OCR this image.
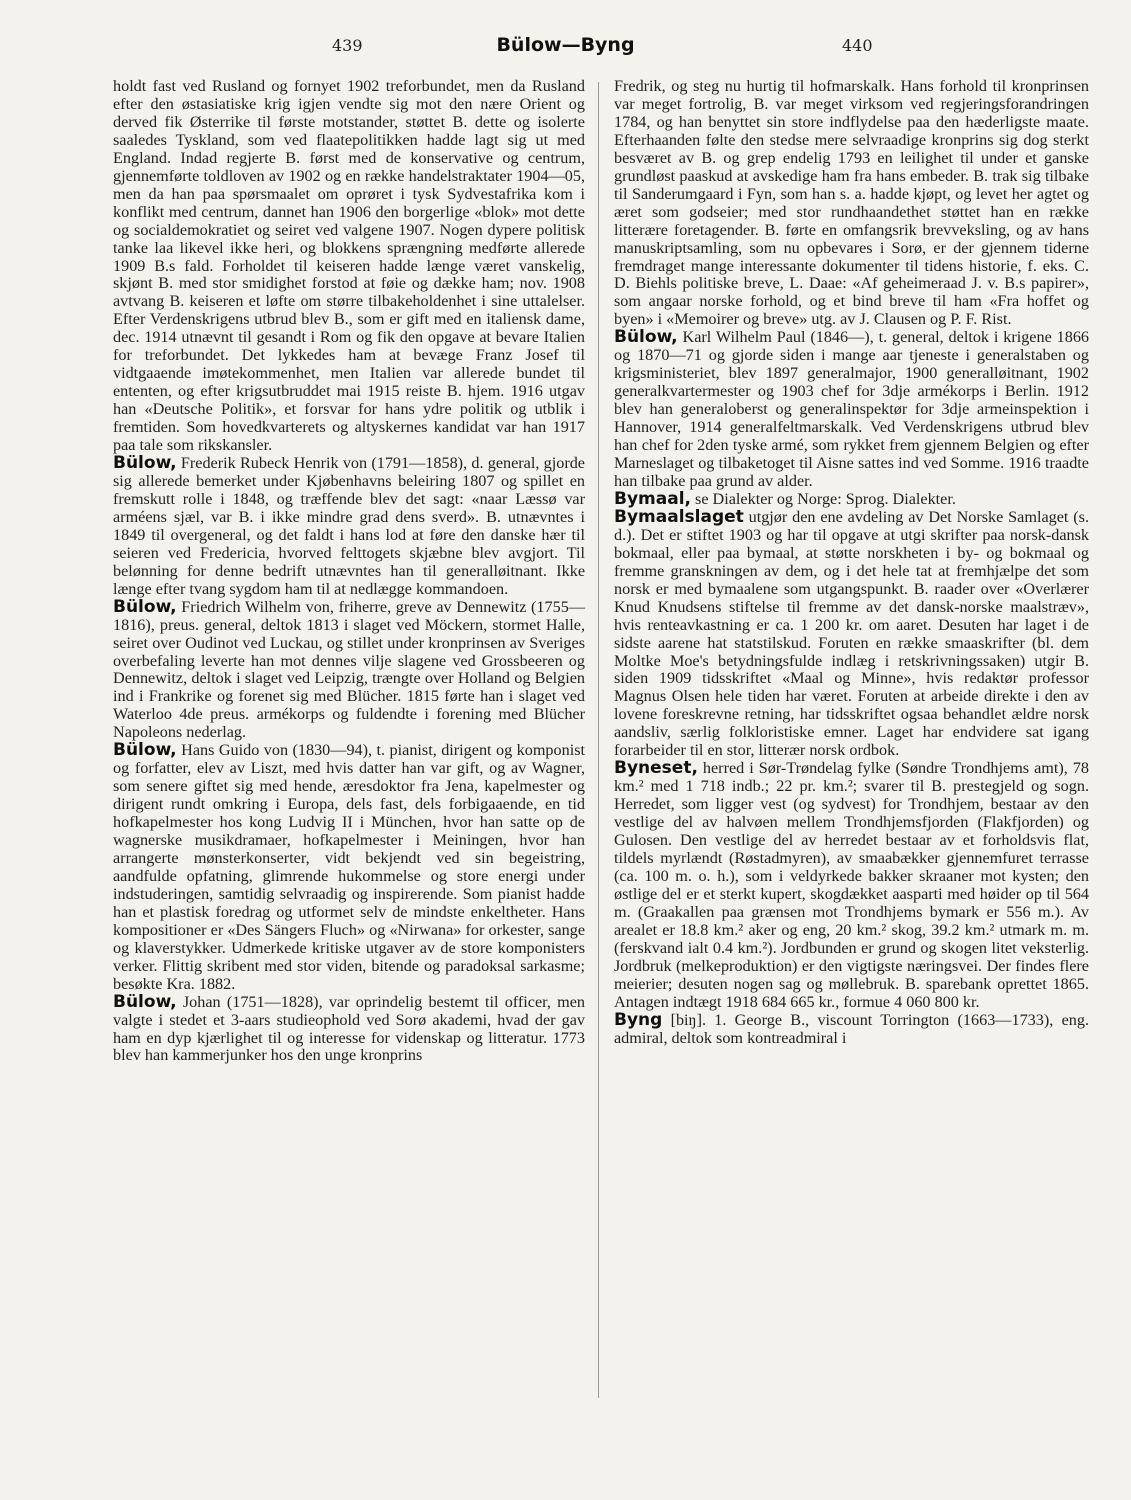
439	Bülow—Byng	440

holdt fast ved Rusland og fornyet 1902 treforbundet, men da Rusland efter den østasiatiske krig igjen vendte sig mot den nære Orient og derved fik Østerrike til første motstander, støttet B. dette og isolerte saaledes Tyskland, som ved flaatepolitikken hadde lagt sig ut med England. Indad regjerte B. først med de konservative og centrum, gjennemførte toldloven av 1902 og en række handelstraktater 1904—05, men da han paa spørsmaalet om oprøret i tysk Sydvestafrika kom i konflikt med centrum, dannet han 1906 den borgerlige «blok» mot dette og socialdemokratiet og seiret ved valgene 1907. Nogen dypere politisk tanke laa likevel ikke heri, og blokkens sprængning medførte allerede 1909 B.s fald. Forholdet til keiseren hadde længe været vanskelig, skjønt B. med stor smidighet forstod at føie og dække ham; nov. 1908 avtvang B. keiseren et løfte om større tilbakeholdenhet i sine uttalelser. Efter Verdenskrigens utbrud blev B., som er gift med en italiensk dame, dec. 1914 utnævnt til gesandt i Rom og fik den opgave at bevare Italien for treforbundet. Det lykkedes ham at bevæge Franz Josef til vidtgaaende imøtekommenhet, men Italien var allerede bundet til ententen, og efter krigsutbruddet mai 1915 reiste B. hjem. 1916 utgav han «Deutsche Politik», et forsvar for hans ydre politik og utblik i fremtiden. Som hovedkvarterets og altyskernes kandidat var han 1917 paa tale som rikskansler.

Bülow, Frederik Rubeck Henrik von (1791—1858), d. general, gjorde sig allerede bemerket under Kjøbenhavns beleiring 1807 og spillet en fremskutt rolle i 1848, og træffende blev det sagt: «naar Læssø var arméens sjæl, var B. i ikke mindre grad dens sverd». B. utnævntes i 1849 til overgeneral, og det faldt i hans lod at føre den danske hær til seieren ved Fredericia, hvorved felttogets skjæbne blev avgjort. Til belønning for denne bedrift utnævntes han til generalløitnant. Ikke længe efter tvang sygdom ham til at nedlægge kommandoen.

Bülow, Friedrich Wilhelm von, friherre, greve av Dennewitz (1755—1816), preus. general, deltok 1813 i slaget ved Möckern, stormet Halle, seiret over Oudinot ved Luckau, og stillet under kronprinsen av Sveriges overbefaling leverte han mot dennes vilje slagene ved Grossbeeren og Dennewitz, deltok i slaget ved Leipzig, trængte over Holland og Belgien ind i Frankrike og forenet sig med Blücher. 1815 førte han i slaget ved Waterloo 4de preus. armékorps og fuldendte i forening med Blücher Napoleons nederlag.

Bülow, Hans Guido von (1830—94), t. pianist, dirigent og komponist og forfatter, elev av Liszt, med hvis datter han var gift, og av Wagner, som senere giftet sig med hende, æresdoktor fra Jena, kapelmester og dirigent rundt omkring i Europa, dels fast, dels forbigaaende, en tid hofkapelmester hos kong Ludvig II i München, hvor han satte op de wagnerske musikdramaer, hofkapelmester i Meiningen, hvor han arrangerte mønsterkonserter, vidt bekjendt ved sin begeistring, aandfulde opfatning, glimrende hukommelse og store energi under indstuderingen, samtidig selvraadig og inspirerende. Som pianist hadde han et plastisk foredrag og utformet selv de mindste enkeltheter. Hans kompositioner er «Des Sängers Fluch» og «Nirwana» for orkester, sange og klaverstykker. Udmerkede kritiske utgaver av de store komponisters verker. Flittig skribent med stor viden, bitende og paradoksal sarkasme; besøkte Kra. 1882.

Bülow, Johan (1751—1828), var oprindelig bestemt til officer, men valgte i stedet et 3-aars studieophold ved Sorø akademi, hvad der gav ham en dyp kjærlighet til og interesse for videnskap og litteratur. 1773 blev han kammerjunker hos den unge kronprins

Fredrik, og steg nu hurtig til hofmarskalk. Hans forhold til kronprinsen var meget fortrolig, B. var meget virksom ved regjeringsforandringen 1784, og han benyttet sin store indflydelse paa den hæderligste maate. Efterhaanden følte den stedse mere selvraadige kronprins sig dog sterkt besværet av B. og grep endelig 1793 en leilighet til under et ganske grundløst paaskud at avskedige ham fra hans embeder. B. trak sig tilbake til Sanderumgaard i Fyn, som han s. a. hadde kjøpt, og levet her agtet og æret som godseier; med stor rundhaandethet støttet han en række litterære foretagender. B. førte en omfangsrik brevveksling, og av hans manuskriptsamling, som nu opbevares i Sorø, er der gjennem tiderne fremdraget mange interessante dokumenter til tidens historie, f. eks. C. D. Biehls politiske breve, L. Daae: «Af geheimeraad J. v. B.s papirer», som angaar norske forhold, og et bind breve til ham «Fra hoffet og byen» i «Memoirer og breve» utg. av J. Clausen og P. F. Rist.

Bülow, Karl Wilhelm Paul (1846—), t. general, deltok i krigene 1866 og 1870—71 og gjorde siden i mange aar tjeneste i generalstaben og krigsministeriet, blev 1897 generalmajor, 1900 generalløitnant, 1902 generalkvartermester og 1903 chef for 3dje armékorps i Berlin. 1912 blev han generaloberst og generalinspektør for 3dje armeinspektion i Hannover, 1914 generalfeltmarskalk. Ved Verdenskrigens utbrud blev han chef for 2den tyske armé, som rykket frem gjennem Belgien og efter Marneslaget og tilbaketoget til Aisne sattes ind ved Somme. 1916 traadte han tilbake paa grund av alder.

Bymaal, se Dialekter og Norge: Sprog. Dialekter.

Bymaalslaget utgjør den ene avdeling av Det Norske Samlaget (s. d.). Det er stiftet 1903 og har til opgave at utgi skrifter paa norsk-dansk bokmaal, eller paa bymaal, at støtte norskheten i by- og bokmaal og fremme granskningen av dem, og i det hele tat at fremhjælpe det som norsk er med bymaalene som utgangspunkt. B. raader over «Overlærer Knud Knudsens stiftelse til fremme av det dansk-norske maalstræv», hvis renteavkastning er ca. 1 200 kr. om aaret. Desuten har laget i de sidste aarene hat statstilskud. Foruten en række smaaskrifter (bl. dem Moltke Moe's betydningsfulde indlæg i retskrivningssaken) utgir B. siden 1909 tidsskriftet «Maal og Minne», hvis redaktør professor Magnus Olsen hele tiden har været. Foruten at arbeide direkte i den av lovene foreskrevne retning, har tidsskriftet ogsaa behandlet ældre norsk aandsliv, særlig folkloristiske emner. Laget har endvidere sat igang forarbeider til en stor, litterær norsk ordbok.

Byneset, herred i Sør-Trøndelag fylke (Søndre Trondhjems amt), 78 km.² med 1 718 indb.; 22 pr. km.²; svarer til B. prestegjeld og sogn. Herredet, som ligger vest (og sydvest) for Trondhjem, bestaar av den vestlige del av halvøen mellem Trondhjemsfjorden (Flakfjorden) og Gulosen. Den vestlige del av herredet bestaar av et forholdsvis flat, tildels myrlændt (Røstadmyren), av smaabækker gjennemfuret terrasse (ca. 100 m. o. h.), som i veldyrkede bakker skraaner mot kysten; den østlige del er et sterkt kupert, skogdækket aasparti med høider op til 564 m. (Graakallen paa grænsen mot Trondhjems bymark er 556 m.). Av arealet er 18.8 km.² aker og eng, 20 km.² skog, 39.2 km.² utmark m. m. (ferskvand ialt 0.4 km.²). Jordbunden er grund og skogen litet veksterlig. Jordbruk (melkeproduktion) er den vigtigste næringsvei. Der findes flere meierier; desuten nogen sag og møllebruk. B. sparebank oprettet 1865. Antagen indtægt 1918 684 665 kr., formue 4 060 800 kr.

Byng [biŋ]. 1. George B., viscount Torrington (1663—1733), eng. admiral, deltok som kontreadmiral i
